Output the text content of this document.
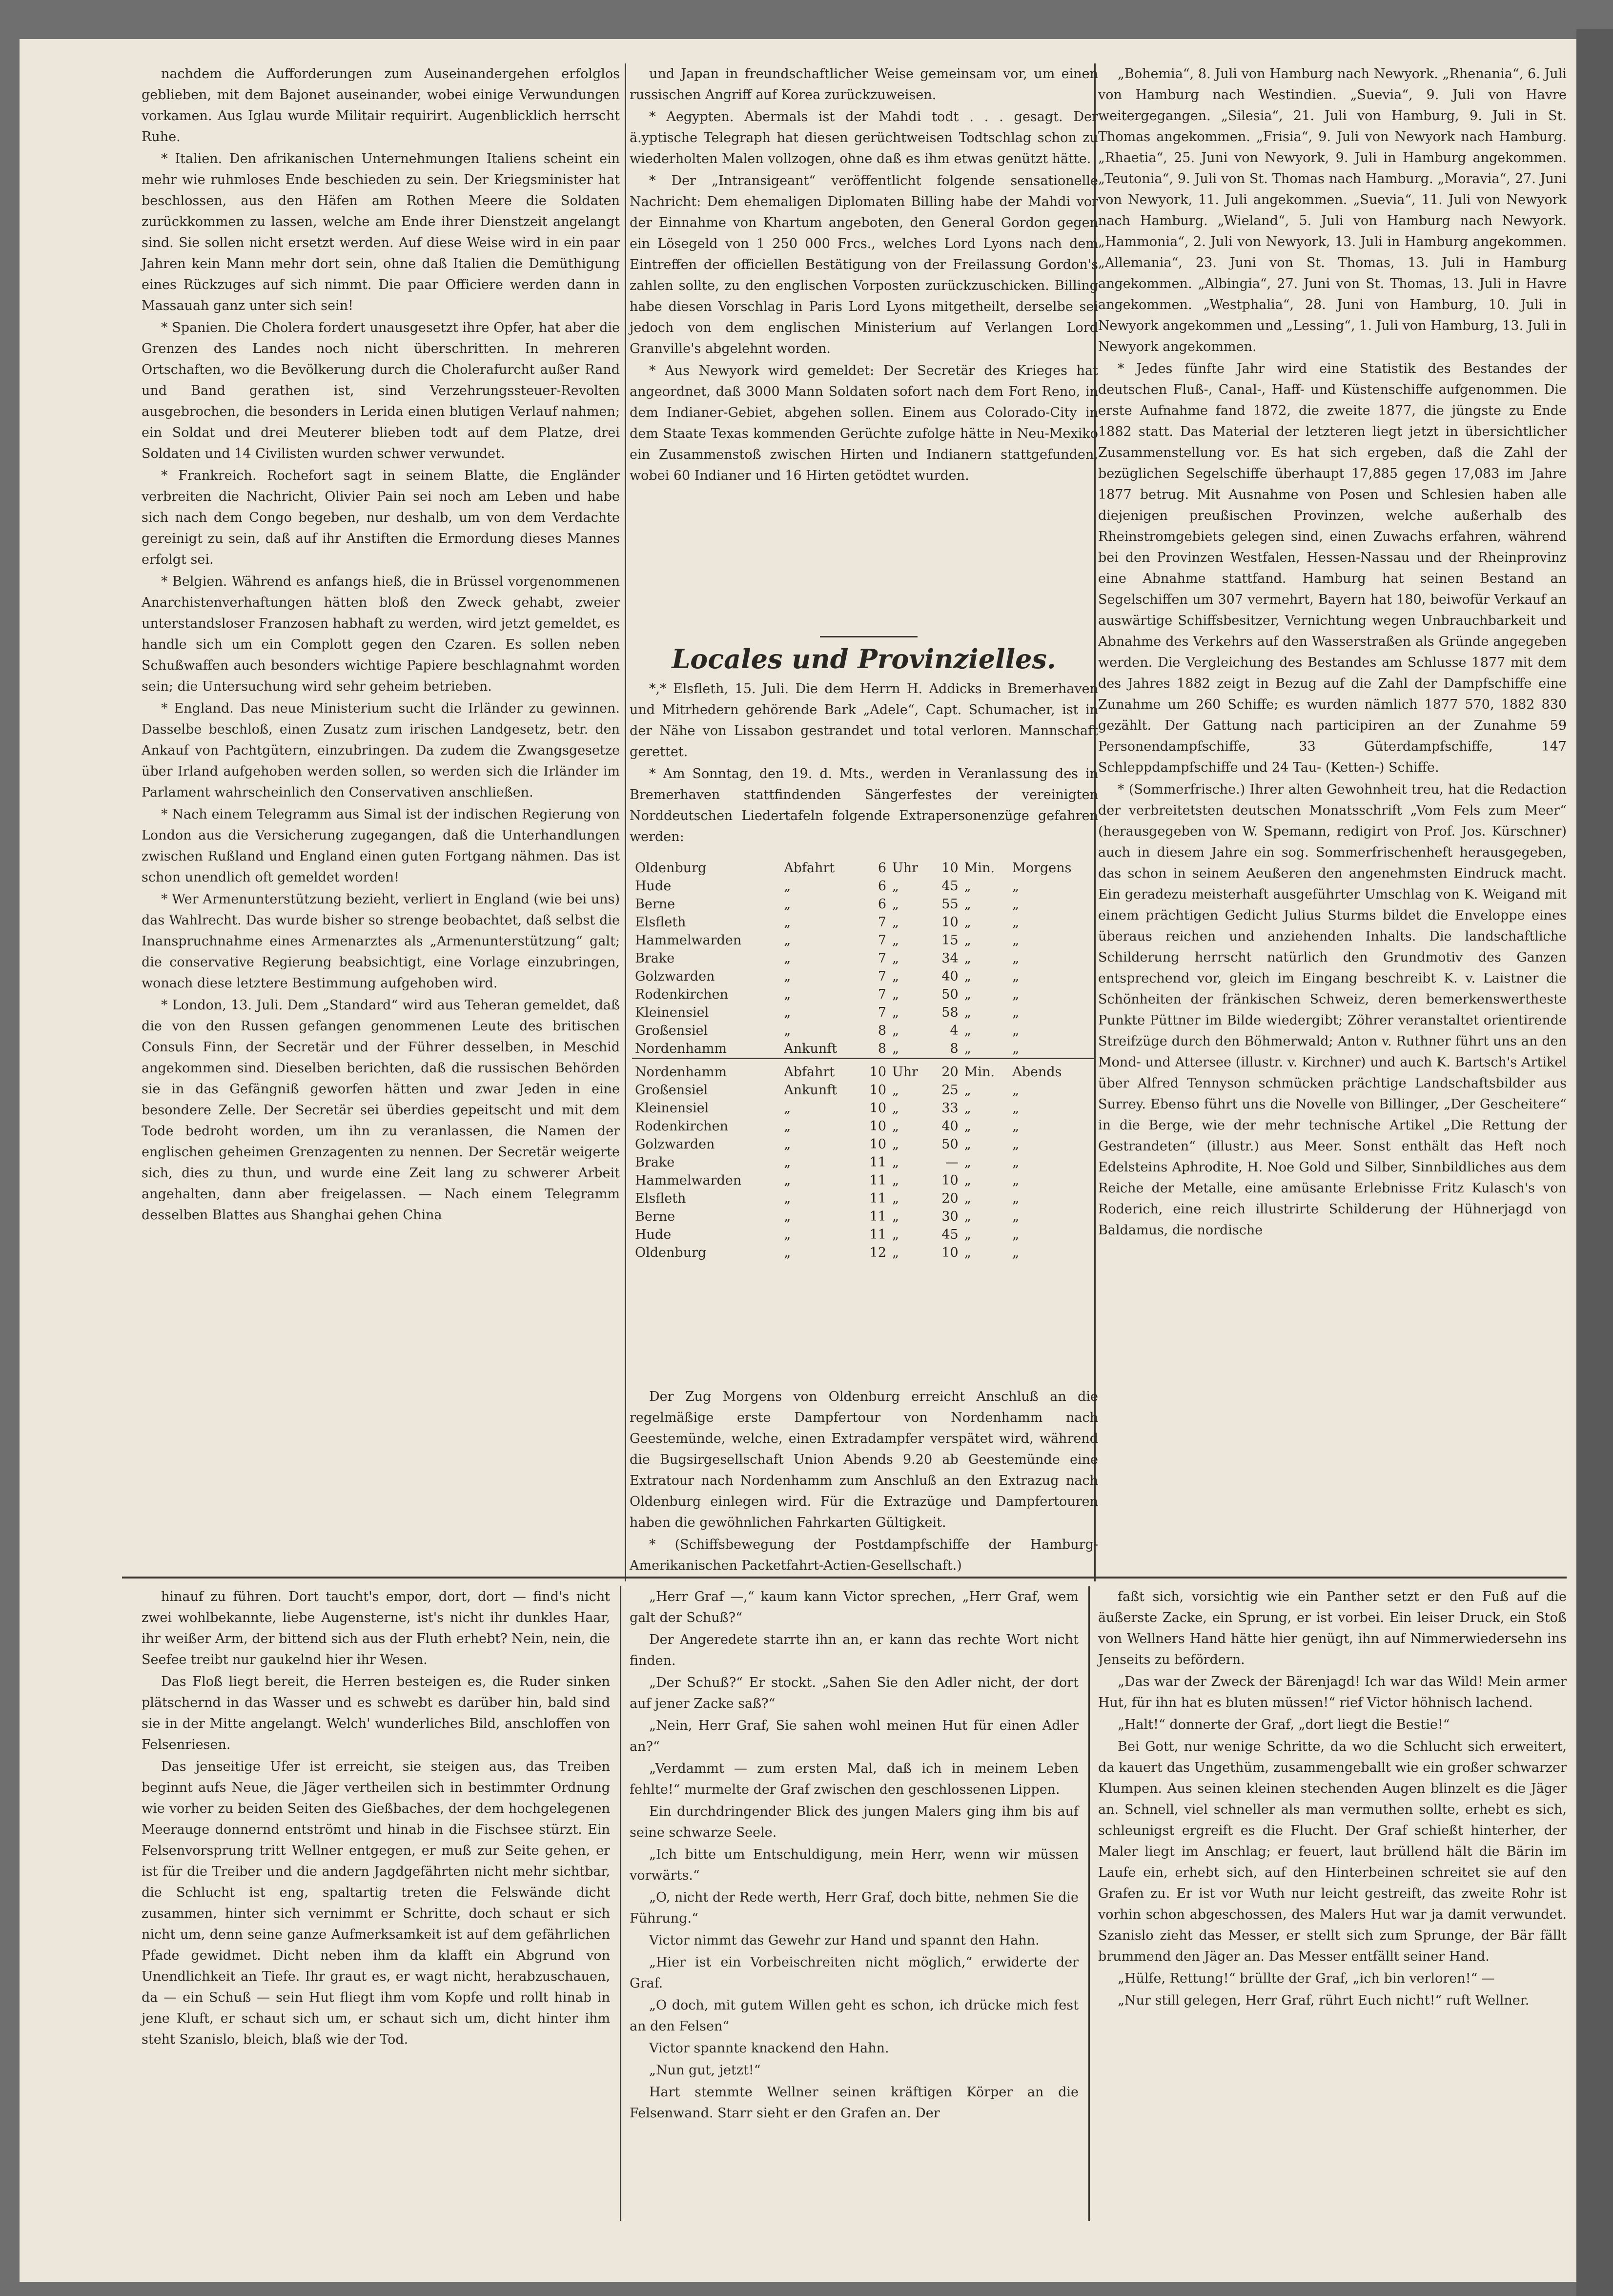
nachdem die Aufforderungen zum Auseinandergehen erfolglos geblieben, mit dem Bajonet auseinander, wobei einige Verwundungen vorkamen. Aus Iglau wurde Militair requirirt. Augenblicklich herrscht Ruhe.

* Italien. Den afrikanischen Unternehmungen Italiens scheint ein mehr wie ruhmloses Ende beschieden zu sein. Der Kriegsminister hat beschlossen, aus den Häfen am Rothen Meere die Soldaten zurückkommen zu lassen, welche am Ende ihrer Dienstzeit angelangt sind. Sie sollen nicht ersetzt werden. Auf diese Weise wird in ein paar Jahren kein Mann mehr dort sein, ohne daß Italien die Demüthigung eines Rückzuges auf sich nimmt. Die paar Officiere werden dann in Massauah ganz unter sich sein!

* Spanien. Die Cholera fordert unausgesetzt ihre Opfer, hat aber die Grenzen des Landes noch nicht überschritten. In mehreren Ortschaften, wo die Bevölkerung durch die Cholerafurcht außer Rand und Band gerathen ist, sind Verzehrungssteuer-Revolten ausgebrochen, die besonders in Lerida einen blutigen Verlauf nahmen; ein Soldat und drei Meuterer blieben todt auf dem Platze, drei Soldaten und 14 Civilisten wurden schwer verwundet.

* Frankreich. Rochefort sagt in seinem Blatte, die Engländer verbreiten die Nachricht, Olivier Pain sei noch am Leben und habe sich nach dem Congo begeben, nur deshalb, um von dem Verdachte gereinigt zu sein, daß auf ihr Anstiften die Ermordung dieses Mannes erfolgt sei.

* Belgien. Während es anfangs hieß, die in Brüssel vorgenommenen Anarchistenverhaftungen hätten bloß den Zweck gehabt, zweier unterstandsloser Franzosen habhaft zu werden, wird jetzt gemeldet, es handle sich um ein Complott gegen den Czaren. Es sollen neben Schußwaffen auch besonders wichtige Papiere beschlagnahmt worden sein; die Untersuchung wird sehr geheim betrieben.

* England. Das neue Ministerium sucht die Irländer zu gewinnen. Dasselbe beschloß, einen Zusatz zum irischen Landgesetz, betr. den Ankauf von Pachtgütern, einzubringen. Da zudem die Zwangsgesetze über Irland aufgehoben werden sollen, so werden sich die Irländer im Parlament wahrscheinlich den Conservativen anschließen.

* Nach einem Telegramm aus Simal ist der indischen Regierung von London aus die Versicherung zugegangen, daß die Unterhandlungen zwischen Rußland und England einen guten Fortgang nähmen. Das ist schon unendlich oft gemeldet worden!

* Wer Armenunterstützung bezieht, verliert in England (wie bei uns) das Wahlrecht. Das wurde bisher so strenge beobachtet, daß selbst die Inanspruchnahme eines Armenarztes als „Armenunterstützung“ galt; die conservative Regierung beabsichtigt, eine Vorlage einzubringen, wonach diese letztere Bestimmung aufgehoben wird.

* London, 13. Juli. Dem „Standard“ wird aus Teheran gemeldet, daß die von den Russen gefangen genommenen Leute des britischen Consuls Finn, der Secretär und der Führer desselben, in Meschid angekommen sind. Dieselben berichten, daß die russischen Behörden sie in das Gefängniß geworfen hätten und zwar Jeden in eine besondere Zelle. Der Secretär sei überdies gepeitscht und mit dem Tode bedroht worden, um ihn zu veranlassen, die Namen der englischen geheimen Grenzagenten zu nennen. Der Secretär weigerte sich, dies zu thun, und wurde eine Zeit lang zu schwerer Arbeit angehalten, dann aber freigelassen. — Nach einem Telegramm desselben Blattes aus Shanghai gehen China

und Japan in freundschaftlicher Weise gemeinsam vor, um einen russischen Angriff auf Korea zurückzuweisen.

* Aegypten. Abermals ist der Mahdi todt . . . gesagt. Der ä.yptische Telegraph hat diesen gerüchtweisen Todtschlag schon zu wiederholten Malen vollzogen, ohne daß es ihm etwas genützt hätte.

* Der „Intransigeant“ veröffentlicht folgende sensationelle Nachricht: Dem ehemaligen Diplomaten Billing habe der Mahdi vor der Einnahme von Khartum angeboten, den General Gordon gegen ein Lösegeld von 1 250 000 Frcs., welches Lord Lyons nach dem Eintreffen der officiellen Bestätigung von der Freilassung Gordon's zahlen sollte, zu den englischen Vorposten zurückzuschicken. Billing habe diesen Vorschlag in Paris Lord Lyons mitgetheilt, derselbe sei jedoch von dem englischen Ministerium auf Verlangen Lord Granville's abgelehnt worden.

* Aus Newyork wird gemeldet: Der Secretär des Krieges hat angeordnet, daß 3000 Mann Soldaten sofort nach dem Fort Reno, in dem Indianer-Gebiet, abgehen sollen. Einem aus Colorado-City in dem Staate Texas kommenden Gerüchte zufolge hätte in Neu-Mexiko ein Zusammenstoß zwischen Hirten und Indianern stattgefunden, wobei 60 Indianer und 16 Hirten getödtet wurden.

Locales und Provinzielles.

*,* Elsfleth, 15. Juli. Die dem Herrn H. Addicks in Bremerhaven und Mitrhedern gehörende Bark „Adele“, Capt. Schumacher, ist in der Nähe von Lissabon gestrandet und total verloren. Mannschaft gerettet.

* Am Sonntag, den 19. d. Mts., werden in Veranlassung des in Bremerhaven stattfindenden Sängerfestes der vereinigten Norddeutschen Liedertafeln folgende Extrapersonenzüge gefahren werden:

Oldenburg	Abfahrt	6	Uhr	10	Min.	Morgens
Hude	„	6	„	45	„	„
Berne	„	6	„	55	„	„
Elsfleth	„	7	„	10	„	„
Hammelwarden	„	7	„	15	„	„
Brake	„	7	„	34	„	„
Golzwarden	„	7	„	40	„	„
Rodenkirchen	„	7	„	50	„	„
Kleinensiel	„	7	„	58	„	„
Großensiel	„	8	„	4	„	„
Nordenhamm	Ankunft	8	„	8	„	„

Nordenhamm	Abfahrt	10	Uhr	20	Min.	Abends
Großensiel	Ankunft	10	„	25	„	„
Kleinensiel	„	10	„	33	„	„
Rodenkirchen	„	10	„	40	„	„
Golzwarden	„	10	„	50	„	„
Brake	„	11	„	—	„	„
Hammelwarden	„	11	„	10	„	„
Elsfleth	„	11	„	20	„	„
Berne	„	11	„	30	„	„
Hude	„	11	„	45	„	„
Oldenburg	„	12	„	10	„	„

Der Zug Morgens von Oldenburg erreicht Anschluß an die regelmäßige erste Dampfertour von Nordenhamm nach Geestemünde, welche, einen Extradampfer verspätet wird, während die Bugsirgesellschaft Union Abends 9.20 ab Geestemünde eine Extratour nach Nordenhamm zum Anschluß an den Extrazug nach Oldenburg einlegen wird. Für die Extrazüge und Dampfertouren haben die gewöhnlichen Fahrkarten Gültigkeit.

* (Schiffsbewegung der Postdampfschiffe der Hamburg-Amerikanischen Packetfahrt-Actien-Gesellschaft.)

„Bohemia“, 8. Juli von Hamburg nach Newyork. „Rhenania“, 6. Juli von Hamburg nach Westindien. „Suevia“, 9. Juli von Havre weitergegangen. „Silesia“, 21. Juli von Hamburg, 9. Juli in St. Thomas angekommen. „Frisia“, 9. Juli von Newyork nach Hamburg. „Rhaetia“, 25. Juni von Newyork, 9. Juli in Hamburg angekommen. „Teutonia“, 9. Juli von St. Thomas nach Hamburg. „Moravia“, 27. Juni von Newyork, 11. Juli angekommen. „Suevia“, 11. Juli von Newyork nach Hamburg. „Wieland“, 5. Juli von Hamburg nach Newyork. „Hammonia“, 2. Juli von Newyork, 13. Juli in Hamburg angekommen. „Allemania“, 23. Juni von St. Thomas, 13. Juli in Hamburg angekommen. „Albingia“, 27. Juni von St. Thomas, 13. Juli in Havre angekommen. „Westphalia“, 28. Juni von Hamburg, 10. Juli in Newyork angekommen und „Lessing“, 1. Juli von Hamburg, 13. Juli in Newyork angekommen.

* Jedes fünfte Jahr wird eine Statistik des Bestandes der deutschen Fluß-, Canal-, Haff- und Küstenschiffe aufgenommen. Die erste Aufnahme fand 1872, die zweite 1877, die jüngste zu Ende 1882 statt. Das Material der letzteren liegt jetzt in übersichtlicher Zusammenstellung vor. Es hat sich ergeben, daß die Zahl der bezüglichen Segelschiffe überhaupt 17,885 gegen 17,083 im Jahre 1877 betrug. Mit Ausnahme von Posen und Schlesien haben alle diejenigen preußischen Provinzen, welche außerhalb des Rheinstromgebiets gelegen sind, einen Zuwachs erfahren, während bei den Provinzen Westfalen, Hessen-Nassau und der Rheinprovinz eine Abnahme stattfand. Hamburg hat seinen Bestand an Segelschiffen um 307 vermehrt, Bayern hat 180, beiwofür Verkauf an auswärtige Schiffsbesitzer, Vernichtung wegen Unbrauchbarkeit und Abnahme des Verkehrs auf den Wasserstraßen als Gründe angegeben werden. Die Vergleichung des Bestandes am Schlusse 1877 mit dem des Jahres 1882 zeigt in Bezug auf die Zahl der Dampfschiffe eine Zunahme um 260 Schiffe; es wurden nämlich 1877 570, 1882 830 gezählt. Der Gattung nach participiren an der Zunahme 59 Personendampfschiffe, 33 Güterdampfschiffe, 147 Schleppdampfschiffe und 24 Tau- (Ketten-) Schiffe.

* (Sommerfrische.) Ihrer alten Gewohnheit treu, hat die Redaction der verbreitetsten deutschen Monatsschrift „Vom Fels zum Meer“ (herausgegeben von W. Spemann, redigirt von Prof. Jos. Kürschner) auch in diesem Jahre ein sog. Sommerfrischenheft herausgegeben, das schon in seinem Aeußeren den angenehmsten Eindruck macht. Ein geradezu meisterhaft ausgeführter Umschlag von K. Weigand mit einem prächtigen Gedicht Julius Sturms bildet die Enveloppe eines überaus reichen und anziehenden Inhalts. Die landschaftliche Schilderung herrscht natürlich den Grundmotiv des Ganzen entsprechend vor, gleich im Eingang beschreibt K. v. Laistner die Schönheiten der fränkischen Schweiz, deren bemerkenswertheste Punkte Püttner im Bilde wiedergibt; Zöhrer veranstaltet orientirende Streifzüge durch den Böhmerwald; Anton v. Ruthner führt uns an den Mond- und Attersee (illustr. v. Kirchner) und auch K. Bartsch's Artikel über Alfred Tennyson schmücken prächtige Landschaftsbilder aus Surrey. Ebenso führt uns die Novelle von Billinger, „Der Gescheitere“ in die Berge, wie der mehr technische Artikel „Die Rettung der Gestrandeten“ (illustr.) aus Meer. Sonst enthält das Heft noch Edelsteins Aphrodite, H. Noe Gold und Silber, Sinnbildliches aus dem Reiche der Metalle, eine amüsante Erlebnisse Fritz Kulasch's von Roderich, eine reich illustrirte Schilderung der Hühnerjagd von Baldamus, die nordische

hinauf zu führen. Dort taucht's empor, dort, dort — find's nicht zwei wohlbekannte, liebe Augensterne, ist's nicht ihr dunkles Haar, ihr weißer Arm, der bittend sich aus der Fluth erhebt? Nein, nein, die Seefee treibt nur gaukelnd hier ihr Wesen.

Das Floß liegt bereit, die Herren besteigen es, die Ruder sinken plätschernd in das Wasser und es schwebt es darüber hin, bald sind sie in der Mitte angelangt. Welch' wunderliches Bild, anschloffen von Felsenriesen.

Das jenseitige Ufer ist erreicht, sie steigen aus, das Treiben beginnt aufs Neue, die Jäger vertheilen sich in bestimmter Ordnung wie vorher zu beiden Seiten des Gießbaches, der dem hochgelegenen Meerauge donnernd entströmt und hinab in die Fischsee stürzt. Ein Felsenvorsprung tritt Wellner entgegen, er muß zur Seite gehen, er ist für die Treiber und die andern Jagdgefährten nicht mehr sichtbar, die Schlucht ist eng, spaltartig treten die Felswände dicht zusammen, hinter sich vernimmt er Schritte, doch schaut er sich nicht um, denn seine ganze Aufmerksamkeit ist auf dem gefährlichen Pfade gewidmet. Dicht neben ihm da klafft ein Abgrund von Unendlichkeit an Tiefe. Ihr graut es, er wagt nicht, herabzuschauen, da — ein Schuß — sein Hut fliegt ihm vom Kopfe und rollt hinab in jene Kluft, er schaut sich um, er schaut sich um, dicht hinter ihm steht Szanislo, bleich, blaß wie der Tod.

„Herr Graf —,“ kaum kann Victor sprechen, „Herr Graf, wem galt der Schuß?“

Der Angeredete starrte ihn an, er kann das rechte Wort nicht finden.

„Der Schuß?“ Er stockt. „Sahen Sie den Adler nicht, der dort auf jener Zacke saß?“

„Nein, Herr Graf, Sie sahen wohl meinen Hut für einen Adler an?“

„Verdammt — zum ersten Mal, daß ich in meinem Leben fehlte!“ murmelte der Graf zwischen den geschlossenen Lippen.

Ein durchdringender Blick des jungen Malers ging ihm bis auf seine schwarze Seele.

„Ich bitte um Entschuldigung, mein Herr, wenn wir müssen vorwärts.“

„O, nicht der Rede werth, Herr Graf, doch bitte, nehmen Sie die Führung.“

Victor nimmt das Gewehr zur Hand und spannt den Hahn.

„Hier ist ein Vorbeischreiten nicht möglich,“ erwiderte der Graf.

„O doch, mit gutem Willen geht es schon, ich drücke mich fest an den Felsen“

Victor spannte knackend den Hahn.

„Nun gut, jetzt!“

Hart stemmte Wellner seinen kräftigen Körper an die Felsenwand. Starr sieht er den Grafen an. Der

faßt sich, vorsichtig wie ein Panther setzt er den Fuß auf die äußerste Zacke, ein Sprung, er ist vorbei. Ein leiser Druck, ein Stoß von Wellners Hand hätte hier genügt, ihn auf Nimmerwiedersehn ins Jenseits zu befördern.

„Das war der Zweck der Bärenjagd! Ich war das Wild! Mein armer Hut, für ihn hat es bluten müssen!“ rief Victor höhnisch lachend.

„Halt!“ donnerte der Graf, „dort liegt die Bestie!“

Bei Gott, nur wenige Schritte, da wo die Schlucht sich erweitert, da kauert das Ungethüm, zusammengeballt wie ein großer schwarzer Klumpen. Aus seinen kleinen stechenden Augen blinzelt es die Jäger an. Schnell, viel schneller als man vermuthen sollte, erhebt es sich, schleunigst ergreift es die Flucht. Der Graf schießt hinterher, der Maler liegt im Anschlag; er feuert, laut brüllend hält die Bärin im Laufe ein, erhebt sich, auf den Hinterbeinen schreitet sie auf den Grafen zu. Er ist vor Wuth nur leicht gestreift, das zweite Rohr ist vorhin schon abgeschossen, des Malers Hut war ja damit verwundet. Szanislo zieht das Messer, er stellt sich zum Sprunge, der Bär fällt brummend den Jäger an. Das Messer entfällt seiner Hand.

„Hülfe, Rettung!“ brüllte der Graf, „ich bin verloren!“ —

„Nur still gelegen, Herr Graf, rührt Euch nicht!“ ruft Wellner.
